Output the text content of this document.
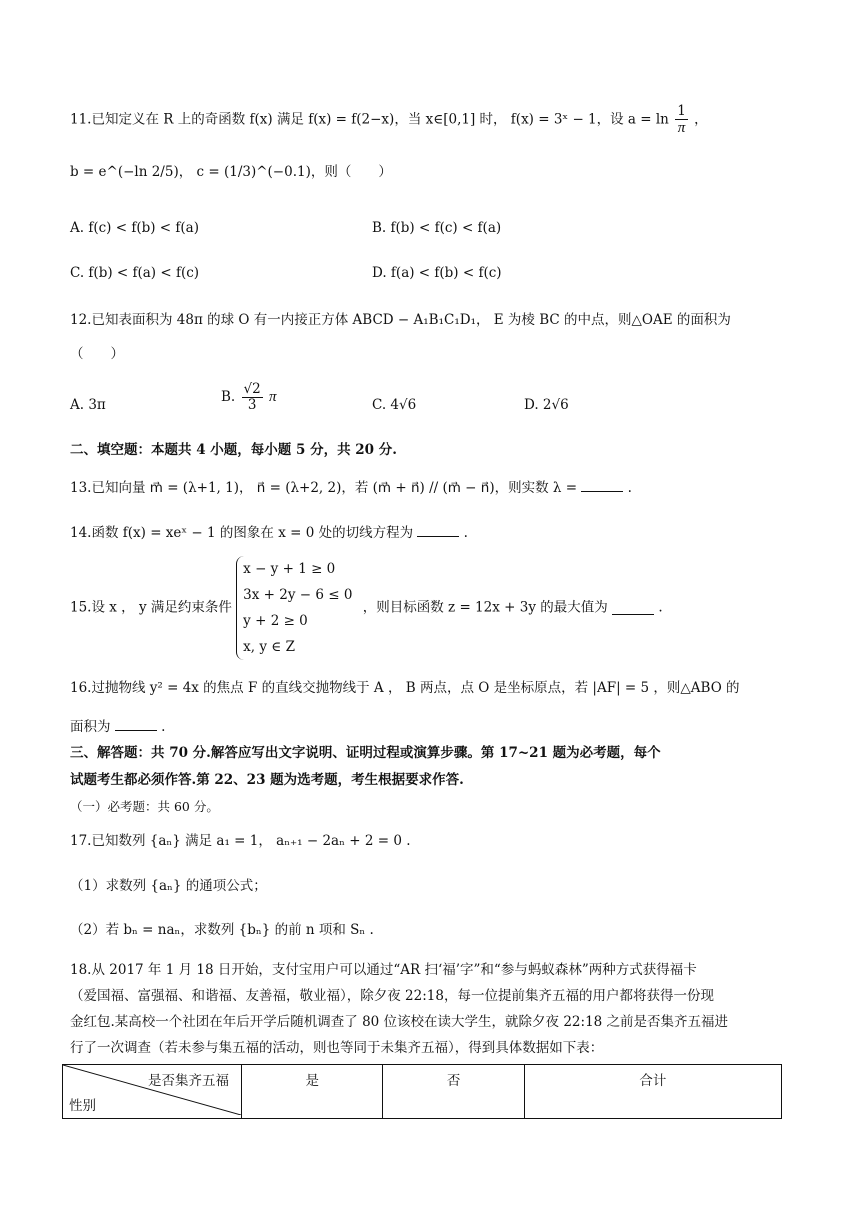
11.已知定义在 R 上的奇函数 f(x) 满足 f(x) = f(2−x)，当 x∈[0,1] 时， f(x) = 3ˣ − 1，设 $a = \ln \frac{1}{\pi}$ ，
b = e^(−ln 2/5)， c = (1/3)^(−0.1)，则（　　）
A. f(c) < f(b) < f(a)	B. f(b) < f(c) < f(a)
C. f(b) < f(a) < f(c)	D. f(a) < f(b) < f(c)
12.已知表面积为 48π 的球 O 有一内接正方体 ABCD − A₁B₁C₁D₁， E 为棱 BC 的中点，则△OAE 的面积为
（　　）
A. 3π
B. $\frac{√2}{3}$ π
C. 4√6	D. 2√6
二、填空题：本题共 4 小题，每小题 5 分，共 20 分.
13.已知向量 m⃗ = (λ+1, 1)， n⃗ = (λ+2, 2)，若 (m⃗ + n⃗) // (m⃗ − n⃗)，则实数 λ =	.
14.函数 f(x) = xeˣ − 1 的图象在 x = 0 处的切线方程为	.
15.设 x ， y 满足约束条件
x − y + 1 ≥ 0
3x + 2y − 6 ≤ 0
y + 2 ≥ 0
x, y ∈ Z
，则目标函数 z = 12x + 3y 的最大值为	.
16.过抛物线 y² = 4x 的焦点 F 的直线交抛物线于 A ， B 两点，点 O 是坐标原点，若 |AF| = 5 ，则△ABO 的
面积为	.
三、解答题：共 70 分.解答应写出文字说明、证明过程或演算步骤。第 17~21 题为必考题，每个
试题考生都必须作答.第 22、23 题为选考题，考生根据要求作答.
（一）必考题：共 60 分。
17.已知数列 {aₙ} 满足 a₁ = 1， aₙ₊₁ − 2aₙ + 2 = 0 .
（1）求数列 {aₙ} 的通项公式；
（2）若 bₙ = naₙ，求数列 {bₙ} 的前 n 项和 Sₙ .
18.从 2017 年 1 月 18 日开始，支付宝用户可以通过“AR 扫‘福’字”和“参与蚂蚁森林”两种方式获得福卡
（爱国福、富强福、和谐福、友善福，敬业福），除夕夜 22:18，每一位提前集齐五福的用户都将获得一份现
金红包.某高校一个社团在年后开学后随机调查了 80 位该校在读大学生，就除夕夜 22:18 之前是否集齐五福进
行了一次调查（若未参与集五福的活动，则也等同于未集齐五福），得到具体数据如下表：
是否集齐五福
性别
	是	否	合计
